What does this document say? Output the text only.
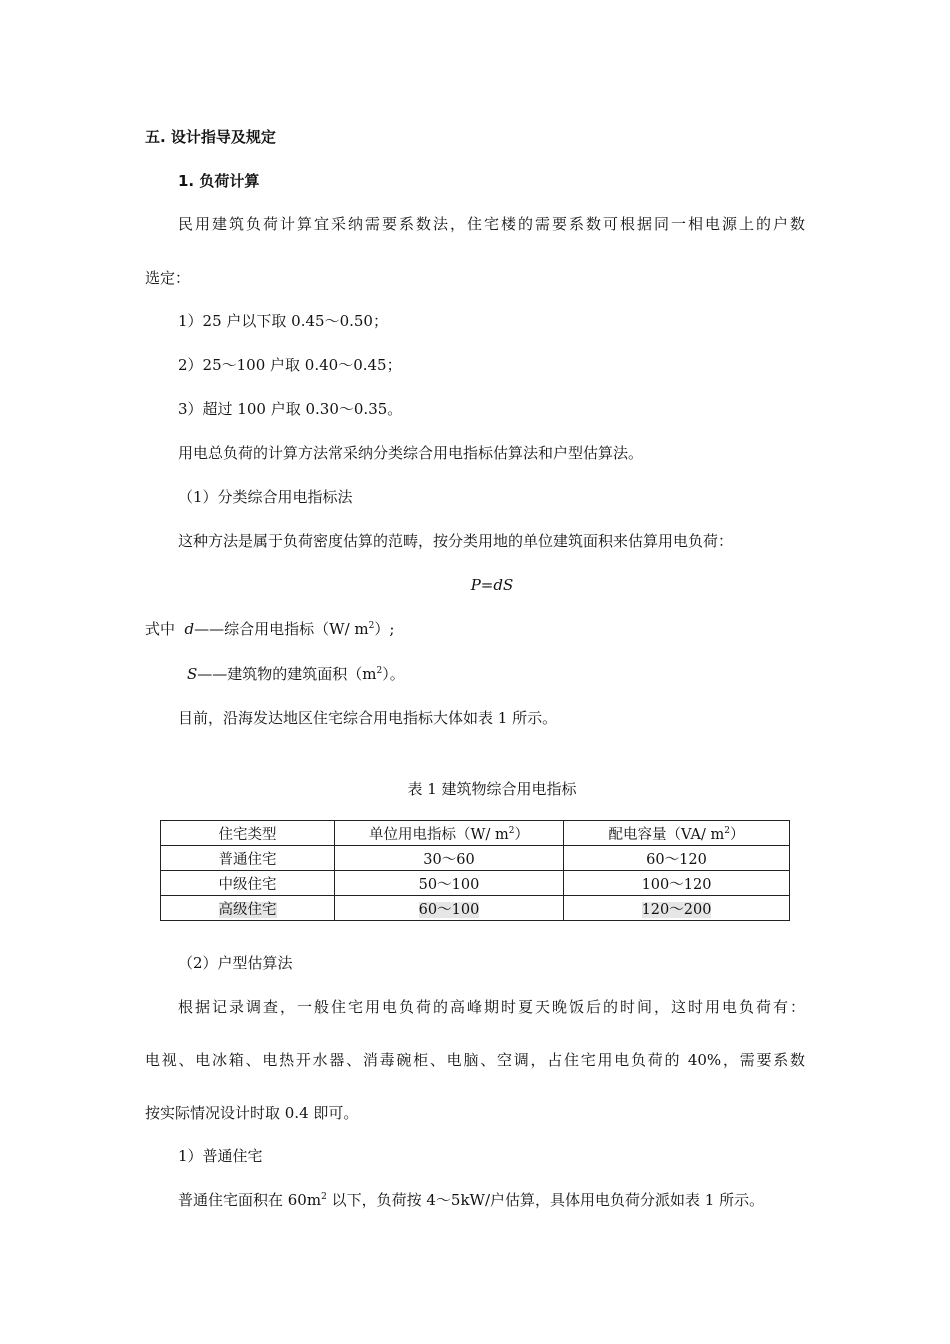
五. 设计指导及规定
1. 负荷计算
民用建筑负荷计算宜采纳需要系数法，住宅楼的需要系数可根据同一相电源上的户数
选定：
1）25 户以下取 0.45～0.50；
2）25～100 户取 0.40～0.45；
3）超过 100 户取 0.30～0.35。
用电总负荷的计算方法常采纳分类综合用电指标估算法和户型估算法。
（1）分类综合用电指标法
这种方法是属于负荷密度估算的范畴，按分类用地的单位建筑面积来估算用电负荷：
P=dS
式中  d——综合用电指标（W/ $m^2$）;
S——建筑物的建筑面积$(m^2)$。
目前，沿海发达地区住宅综合用电指标大体如表 1 所示。
表 1 建筑物综合用电指标
住宅类型	单位用电指标（W/ $m^2$）	配电容量（VA/ $m^2$）
普通住宅	30～60	60～120
中级住宅	50～100	100～120
高级住宅	60～100	120～200
（2）户型估算法
根据记录调查，一般住宅用电负荷的高峰期时夏天晚饭后的时间，这时用电负荷有：
电视、电冰箱、电热开水器、消毒碗柜、电脑、空调，占住宅用电负荷的 40%，需要系数
按实际情况设计时取 0.4 即可。
1）普通住宅
普通住宅面积在 $60m^2$ 以下，负荷按 4～5kW/户估算，具体用电负荷分派如表 1 所示。
